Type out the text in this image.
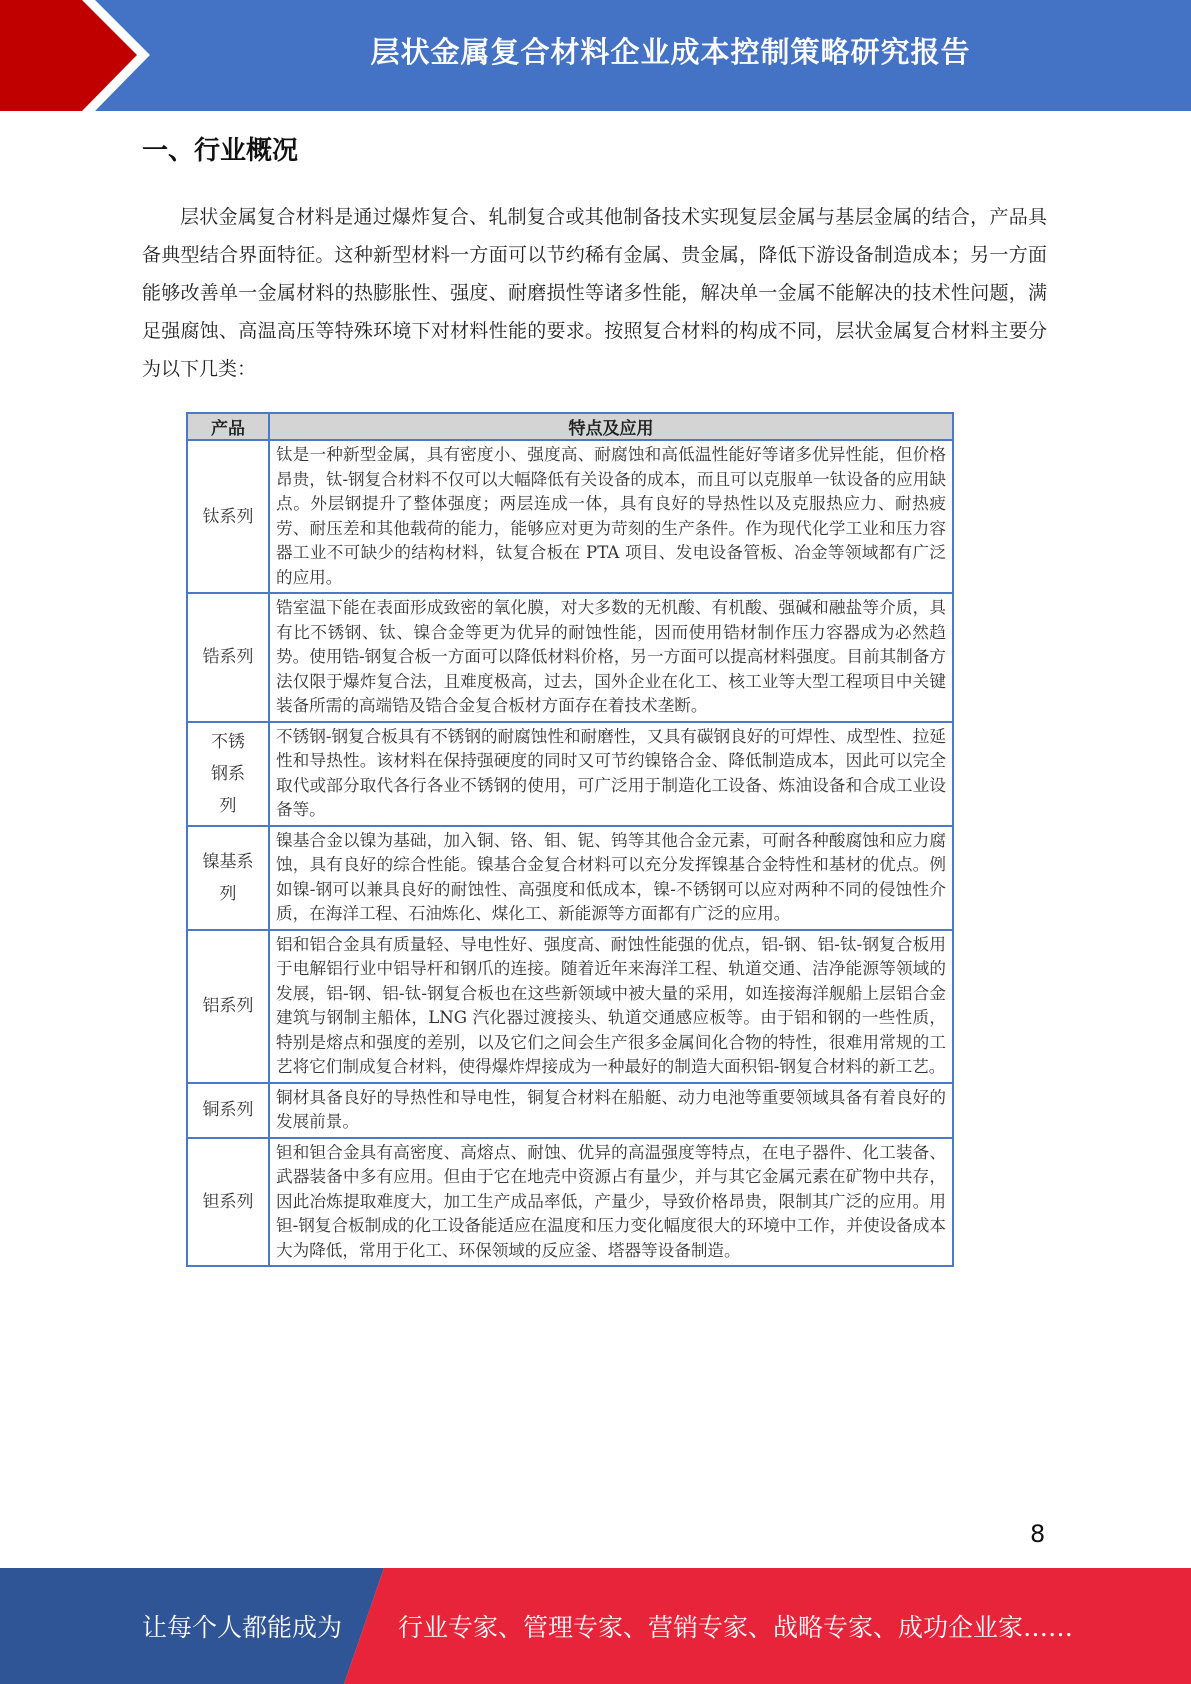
层状金属复合材料企业成本控制策略研究报告
一、行业概况

层状金属复合材料是通过爆炸复合、轧制复合或其他制备技术实现复层金属与基层金属的结合，产品具备典型结合界面特征。这种新型材料一方面可以节约稀有金属、贵金属，降低下游设备制造成本；另一方面能够改善单一金属材料的热膨胀性、强度、耐磨损性等诸多性能，解决单一金属不能解决的技术性问题，满足强腐蚀、高温高压等特殊环境下对材料性能的要求。按照复合材料的构成不同，层状金属复合材料主要分为以下几类：

产品	特点及应用
钛系列	钛是一种新型金属，具有密度小、强度高、耐腐蚀和高低温性能好等诸多优异性能，但价格昂贵，钛-钢复合材料不仅可以大幅降低有关设备的成本，而且可以克服单一钛设备的应用缺点。外层钢提升了整体强度；两层连成一体，具有良好的导热性以及克服热应力、耐热疲劳、耐压差和其他载荷的能力，能够应对更为苛刻的生产条件。作为现代化学工业和压力容器工业不可缺少的结构材料，钛复合板在 PTA 项目、发电设备管板、冶金等领域都有广泛的应用。
锆系列	锆室温下能在表面形成致密的氧化膜，对大多数的无机酸、有机酸、强碱和融盐等介质，具有比不锈钢、钛、镍合金等更为优异的耐蚀性能，因而使用锆材制作压力容器成为必然趋势。使用锆-钢复合板一方面可以降低材料价格，另一方面可以提高材料强度。目前其制备方法仅限于爆炸复合法，且难度极高，过去，国外企业在化工、核工业等大型工程项目中关键装备所需的高端锆及锆合金复合板材方面存在着技术垄断。
不锈钢系列	不锈钢-钢复合板具有不锈钢的耐腐蚀性和耐磨性，又具有碳钢良好的可焊性、成型性、拉延性和导热性。该材料在保持强硬度的同时又可节约镍铬合金、降低制造成本，因此可以完全取代或部分取代各行各业不锈钢的使用，可广泛用于制造化工设备、炼油设备和合成工业设备等。
镍基系列	镍基合金以镍为基础，加入铜、铬、钼、铌、钨等其他合金元素，可耐各种酸腐蚀和应力腐蚀，具有良好的综合性能。镍基合金复合材料可以充分发挥镍基合金特性和基材的优点。例如镍-钢可以兼具良好的耐蚀性、高强度和低成本，镍-不锈钢可以应对两种不同的侵蚀性介质，在海洋工程、石油炼化、煤化工、新能源等方面都有广泛的应用。
铝系列	铝和铝合金具有质量轻、导电性好、强度高、耐蚀性能强的优点，铝-钢、铝-钛-钢复合板用于电解铝行业中铝导杆和钢爪的连接。随着近年来海洋工程、轨道交通、洁净能源等领域的发展，铝-钢、铝-钛-钢复合板也在这些新领域中被大量的采用，如连接海洋舰船上层铝合金建筑与钢制主船体，LNG 汽化器过渡接头、轨道交通感应板等。由于铝和钢的一些性质，特别是熔点和强度的差别，以及它们之间会生产很多金属间化合物的特性，很难用常规的工艺将它们制成复合材料，使得爆炸焊接成为一种最好的制造大面积铝-钢复合材料的新工艺。
铜系列	铜材具备良好的导热性和导电性，铜复合材料在船艇、动力电池等重要领域具备有着良好的发展前景。
钽系列	钽和钽合金具有高密度、高熔点、耐蚀、优异的高温强度等特点，在电子器件、化工装备、武器装备中多有应用。但由于它在地壳中资源占有量少，并与其它金属元素在矿物中共存，因此冶炼提取难度大，加工生产成品率低，产量少，导致价格昂贵，限制其广泛的应用。用钽-钢复合板制成的化工设备能适应在温度和压力变化幅度很大的环境中工作，并使设备成本大为降低，常用于化工、环保领域的反应釜、塔器等设备制造。
8
让每个人都能成为 行业专家、管理专家、营销专家、战略专家、成功企业家……
